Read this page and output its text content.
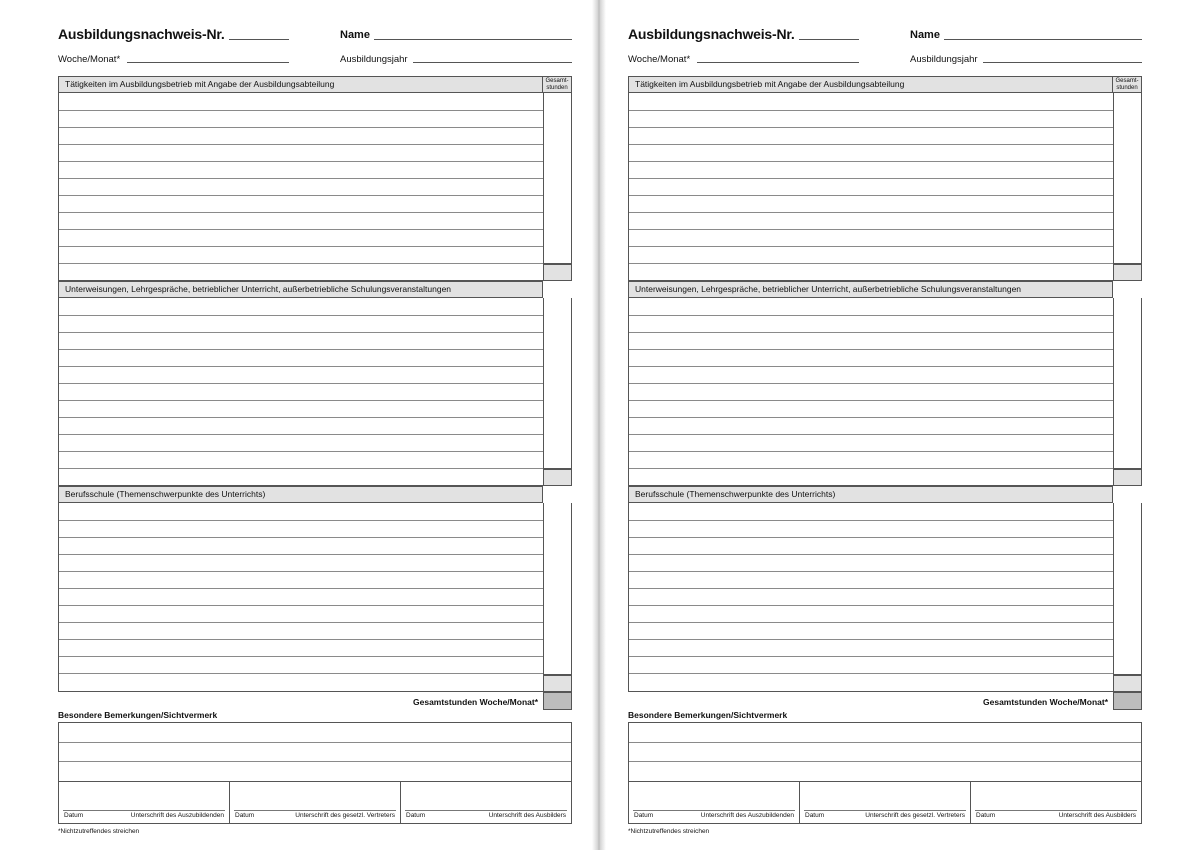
Ausbildungsnachweis-Nr.	Name
Woche/Monat*	Ausbildungsjahr
Tätigkeiten im Ausbildungsbetrieb mit Angabe der Ausbildungsabteilung	Gesamt-stunden
Unterweisungen, Lehrgespräche, betrieblicher Unterricht, außerbetriebliche Schulungsveranstaltungen
Berufsschule (Themenschwerpunkte des Unterrichts)
Gesamtstunden Woche/Monat*
Besondere Bemerkungen/Sichtvermerk
Datum	Unterschrift des Auszubildenden Datum	Unterschrift des gesetzl. Vertreters Datum	Unterschrift des Ausbilders
*Nichtzutreffendes streichen
Ausbildungsnachweis-Nr.	Name
Woche/Monat*	Ausbildungsjahr
Tätigkeiten im Ausbildungsbetrieb mit Angabe der Ausbildungsabteilung	Gesamt-stunden
Unterweisungen, Lehrgespräche, betrieblicher Unterricht, außerbetriebliche Schulungsveranstaltungen
Berufsschule (Themenschwerpunkte des Unterrichts)
Gesamtstunden Woche/Monat*
Besondere Bemerkungen/Sichtvermerk
Datum	Unterschrift des Auszubildenden Datum	Unterschrift des gesetzl. Vertreters Datum	Unterschrift des Ausbilders
*Nichtzutreffendes streichen
